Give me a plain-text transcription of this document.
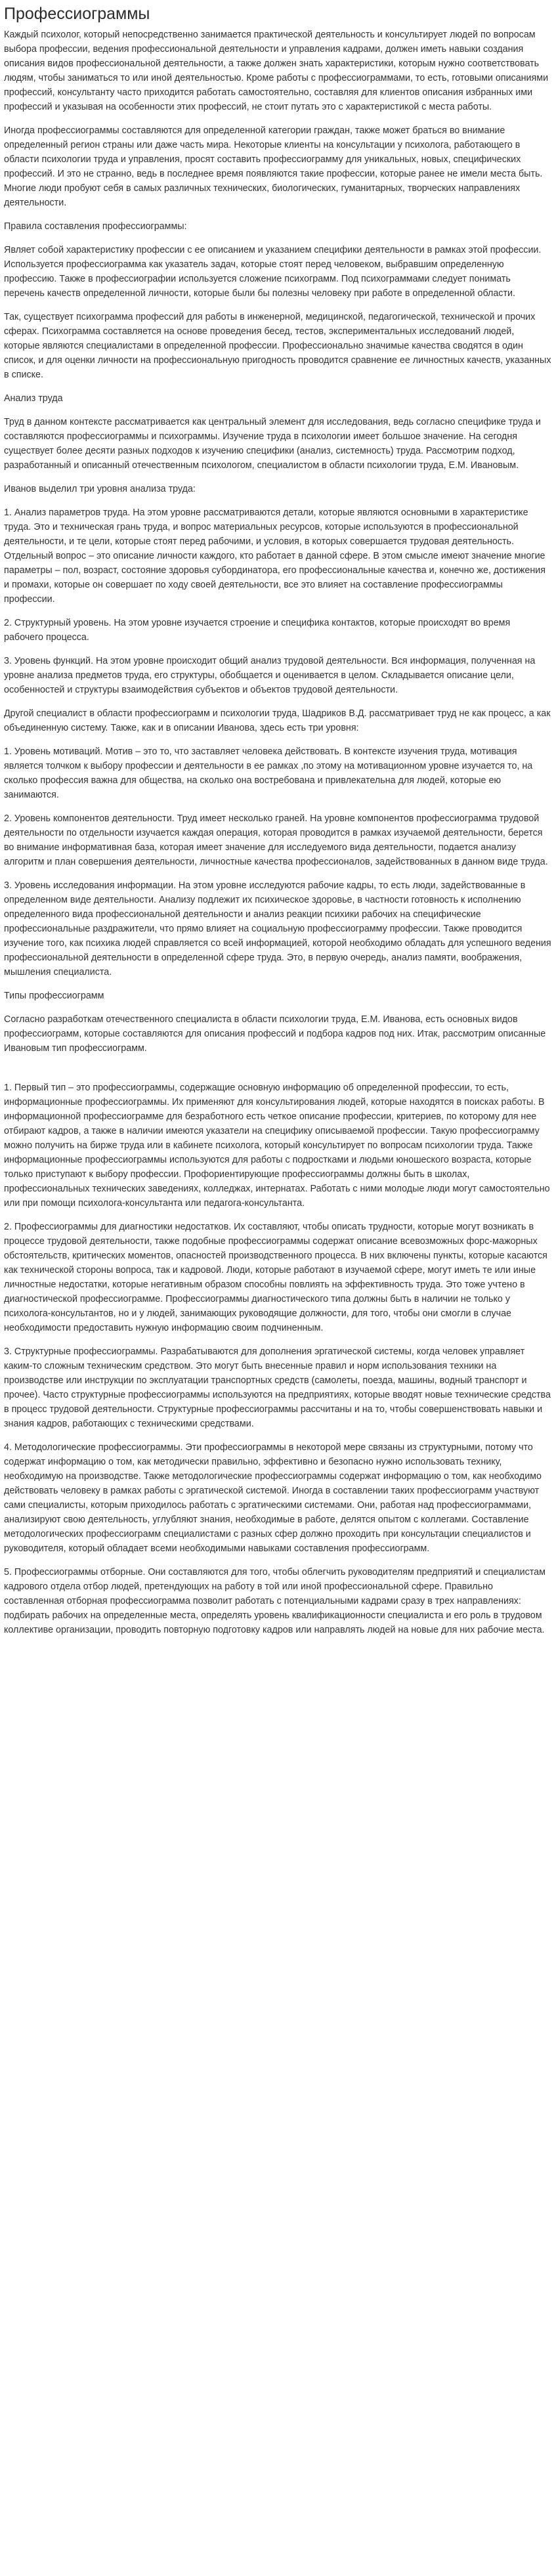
Профессиограммы

Каждый психолог, который непосредственно занимается практической деятельность и консультирует людей по вопросам выбора профессии, ведения профессиональной деятельности и управления кадрами, должен иметь навыки создания описания видов профессиональной деятельности, а также должен знать характеристики, которым нужно соответствовать людям, чтобы заниматься то или иной деятельностью. Кроме работы с профессиограммами, то есть, готовыми описаниями профессий, консультанту часто приходится работать самостоятельно, составляя для клиентов описания избранных ими профессий и указывая на особенности этих профессий, не стоит путать это с характеристикой с места работы.

Иногда профессиограммы составляются для определенной категории граждан, также может браться во внимание определенный регион страны или даже часть мира. Некоторые клиенты на консультации у психолога, работающего в области психологии труда и управления, просят составить профессиограмму для уникальных, новых, специфических профессий. И это не странно, ведь в последнее время появляются такие профессии, которые ранее не имели места быть. Многие люди пробуют себя в самых различных технических, биологических, гуманитарных, творческих направлениях деятельности.

Правила составления профессиограммы:

Являет собой характеристику профессии с ее описанием и указанием специфики деятельности в рамках этой профессии. Используется профессиограмма как указатель задач, которые стоят перед человеком, выбравшим определенную профессию. Также в профессиографии используется сложение психограмм. Под психограммами следует понимать перечень качеств определенной личности, которые были бы полезны человеку при работе в определенной области.

Так, существует психограмма профессий для работы в инженерной, медицинской, педагогической, технической и прочих сферах. Психограмма составляется на основе проведения бесед, тестов, экспериментальных исследований людей, которые являются специалистами в определенной профессии. Профессионально значимые качества сводятся в один список, и для оценки личности на профессиональную пригодность проводится сравнение ее личностных качеств, указанных в списке.

Анализ труда

Труд в данном контексте рассматривается как центральный элемент для исследования, ведь согласно специфике труда и составляются профессиограммы и психограммы. Изучение труда в психологии имеет большое значение. На сегодня существует более десяти разных подходов к изучению специфики (анализ, системность) труда. Рассмотрим подход, разработанный и описанный отечественным психологом, специалистом в области психологии труда, Е.М. Ивановым.

Иванов выделил три уровня анализа труда:

1. Анализ параметров труда. На этом уровне рассматриваются детали, которые являются основными в характеристике труда. Это и техническая грань труда, и вопрос материальных ресурсов, которые используются в профессиональной деятельности, и те цели, которые стоят перед рабочими, и условия, в которых совершается трудовая деятельность. Отдельный вопрос – это описание личности каждого, кто работает в данной сфере. В этом смысле имеют значение многие параметры – пол, возраст, состояние здоровья субординатора, его профессиональные качества и, конечно же, достижения и промахи, которые он совершает по ходу своей деятельности, все это влияет на составление профессиограммы профессии.

2. Структурный уровень. На этом уровне изучается строение и специфика контактов, которые происходят во время рабочего процесса.

3. Уровень функций. На этом уровне происходит общий анализ трудовой деятельности. Вся информация, полученная на уровне анализа предметов труда, его структуры, обобщается и оценивается в целом. Складывается описание цели, особенностей и структуры взаимодействия субъектов и объектов трудовой деятельности.

Другой специалист в области профессиограмм и психологии труда, Шадриков В.Д. рассматривает труд не как процесс, а как объединенную систему. Также, как и в описании Иванова, здесь есть три уровня:

1. Уровень мотиваций. Мотив – это то, что заставляет человека действовать. В контексте изучения труда, мотивация является толчком к выбору профессии и деятельности в ее рамках ,по этому на мотивационном уровне изучается то, на сколько профессия важна для общества, на сколько она востребована и привлекательна для людей, которые ею занимаются.

2. Уровень компонентов деятельности. Труд имеет несколько граней. На уровне компонентов профессиограмма трудовой деятельности по отдельности изучается каждая операция, которая проводится в рамках изучаемой деятельности, берется во внимание информативная база, которая имеет значение для исследуемого вида деятельности, подается анализу алгоритм и план совершения деятельности, личностные качества профессионалов, задействованных в данном виде труда.

3. Уровень исследования информации. На этом уровне исследуются рабочие кадры, то есть люди, задействованные в определенном виде деятельности. Анализу подлежит их психическое здоровье, в частности готовность к исполнению определенного вида профессиональной деятельности и анализ реакции психики рабочих на специфические профессиональные раздражители, что прямо влияет на социальную профессиограмму профессии. Также проводится изучение того, как психика людей справляется со всей информацией, которой необходимо обладать для успешного ведения профессиональной деятельности в определенной сфере труда. Это, в первую очередь, анализ памяти, воображения, мышления специалиста.

Типы профессиограмм

Согласно разработкам отечественного специалиста в области психологии труда, Е.М. Иванова, есть основных видов профессиограмм, которые составляются для описания профессий и подбора кадров под них. Итак, рассмотрим описанные Ивановым тип профессиограмм.

1. Первый тип – это профессиограммы, содержащие основную информацию об определенной профессии, то есть, информационные профессиограммы. Их применяют для консультирования людей, которые находятся в поисках работы. В информационной профессиограмме для безработного есть четкое описание профессии, критериев, по которому для нее отбирают кадров, а также в наличии имеются указатели на специфику описываемой профессии. Такую профессиограмму можно получить на бирже труда или в кабинете психолога, который консультирует по вопросам психологии труда. Также информационные профессиограммы используются для работы с подростками и людьми юношеского возраста, которые только приступают к выбору профессии. Профориентирующие профессиограммы должны быть в школах, профессиональных технических заведениях, колледжах, интернатах. Работать с ними молодые люди могут самостоятельно или при помощи психолога-консультанта или педагога-консультанта.

2. Профессиограммы для диагностики недостатков. Их составляют, чтобы описать трудности, которые могут возникать в процессе трудовой деятельности, также подобные профессиограммы содержат описание всевозможных форс-мажорных обстоятельств, критических моментов, опасностей производственного процесса. В них включены пункты, которые касаются как технической стороны вопроса, так и кадровой. Люди, которые работают в изучаемой сфере, могут иметь те или иные личностные недостатки, которые негативным образом способны повлиять на эффективность труда. Это тоже учтено в диагностической профессиограмме. Профессиограммы диагностического типа должны быть в наличии не только у психолога-консультантов, но и у людей, занимающих руководящие должности, для того, чтобы они смогли в случае необходимости предоставить нужную информацию своим подчиненным.

3. Структурные профессиограммы. Разрабатываются для дополнения эргатической системы, когда человек управляет каким-то сложным техническим средством. Это могут быть внесенные правил и норм использования техники на производстве или инструкции по эксплуатации транспортных средств (самолеты, поезда, машины, водный транспорт и прочее). Часто структурные профессиограммы используются на предприятиях, которые вводят новые технические средства в процесс трудовой деятельности. Структурные профессиограммы рассчитаны и на то, чтобы совершенствовать навыки и знания кадров, работающих с техническими средствами.

4. Методологические профессиограммы. Эти профессиограммы в некоторой мере связаны из структурными, потому что содержат информацию о том, как методически правильно, эффективно и безопасно нужно использовать технику, необходимую на производстве. Также методологические профессиограммы содержат информацию о том, как необходимо действовать человеку в рамках работы с эргатической системой. Иногда в составлении таких профессиограмм участвуют сами специалисты, которым приходилось работать с эргатическими системами. Они, работая над профессиограммами, анализируют свою деятельность, углубляют знания, необходимые в работе, делятся опытом с коллегами. Составление методологических профессиограмм специалистами с разных сфер должно проходить при консультации специалистов и руководителя, который обладает всеми необходимыми навыками составления профессиограмм.

5. Профессиограммы отборные. Они составляются для того, чтобы облегчить руководителям предприятий и специалистам кадрового отдела отбор людей, претендующих на работу в той или иной профессиональной сфере. Правильно составленная отборная профессиограмма позволит работать с потенциальными кадрами сразу в трех направлениях: подбирать рабочих на определенные места, определять уровень квалификационности специалиста и его роль в трудовом коллективе организации, проводить повторную подготовку кадров или направлять людей на новые для них рабочие места.
